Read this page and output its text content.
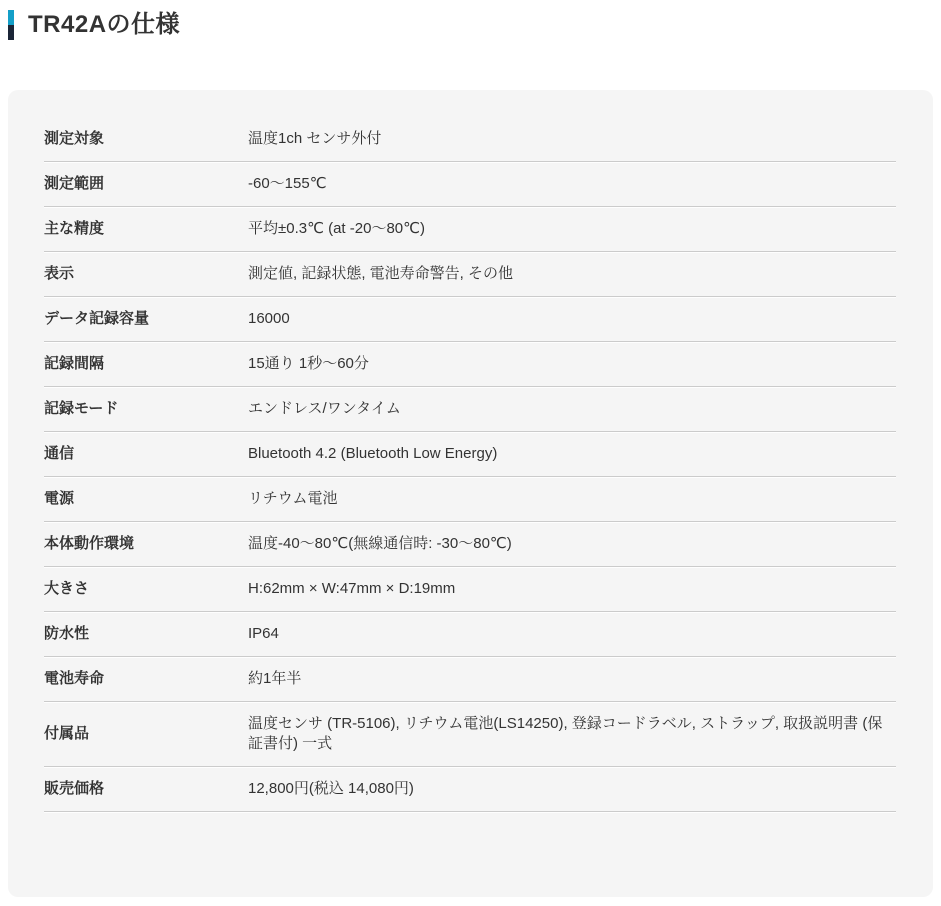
TR42Aの仕様
測定対象	温度1ch センサ外付
測定範囲	-60〜155℃
主な精度	平均±0.3℃ (at -20〜80℃)
表示	測定値, 記録状態, 電池寿命警告, その他
データ記録容量	16000
記録間隔	15通り 1秒〜60分
記録モード	エンドレス/ワンタイム
通信	Bluetooth 4.2 (Bluetooth Low Energy)
電源	リチウム電池
本体動作環境	温度-40〜80℃(無線通信時: -30〜80℃)
大きさ	H:62mm × W:47mm × D:19mm
防水性	IP64
電池寿命	約1年半
付属品	温度センサ (TR-5106), リチウム電池(LS14250), 登録コードラベル, ストラップ, 取扱説明書 (保証書付) 一式
販売価格	12,800円(税込 14,080円)
